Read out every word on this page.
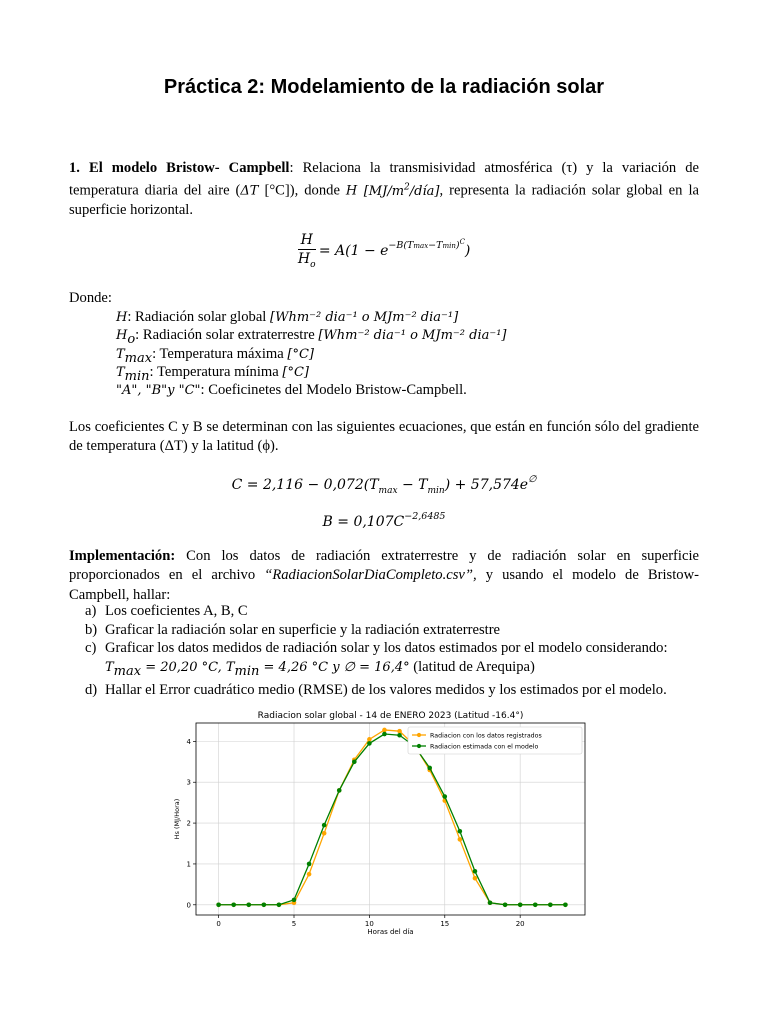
Práctica 2: Modelamiento de la radiación solar
1. El modelo Bristow- Campbell: Relaciona la transmisividad atmosférica (τ) y la variación de temperatura diaria del aire (ΔT [°C]), donde H $[MJ/m^2/día]$, representa la radiación solar global en la superficie horizontal.
$\frac{H}{H_o} = A(1 - e^{-B(Tmax-Tmin)^C})$
Donde:
H: Radiación solar global [Whm⁻² dia⁻¹ o MJm⁻² dia⁻¹]
$H_o$: Radiación solar extraterrestre [Whm⁻² dia⁻¹ o MJm⁻² dia⁻¹]
$T_{max}$: Temperatura máxima [°C]
$T_{min}$: Temperatura mínima [°C]
"A", "B"y "C": Coeficinetes del Modelo Bristow-Campbell.
Los coeficientes C y B se determinan con las siguientes ecuaciones, que están en función sólo del gradiente de temperatura (ΔT) y la latitud (ϕ).
$C = 2,116 - 0,072(T_{max} - T_{min}) + 57,574e^\emptyset$
$B = 0,107C^{-2,6485}$
Implementación: Con los datos de radiación extraterrestre y de radiación solar en superficie proporcionados en el archivo “RadiacionSolarDiaCompleto.csv”, y usando el modelo de Bristow-Campbell, hallar:
a) Los coeficientes A, B, C
b) Graficar la radiación solar en superficie y la radiación extraterrestre
c) Graficar los datos medidos de radiación solar y los datos estimados por el modelo considerando:
$T_{max} = 20,20$ °C, $T_{min} = 4,26$ °C y ∅ = 16,4° (latitud de Arequipa)
d) Hallar el Error cuadrático medio (RMSE) de los valores medidos y los estimados por el modelo.
Radiacion solar global - 14 de ENERO 2023 (Latitud -16.4°)
0	5	10	15	20
0
1
2
3
4
Horas del día
Hs (MJ/Hora)
Radiacion con los datos registrados
Radiacion estimada con el modelo
